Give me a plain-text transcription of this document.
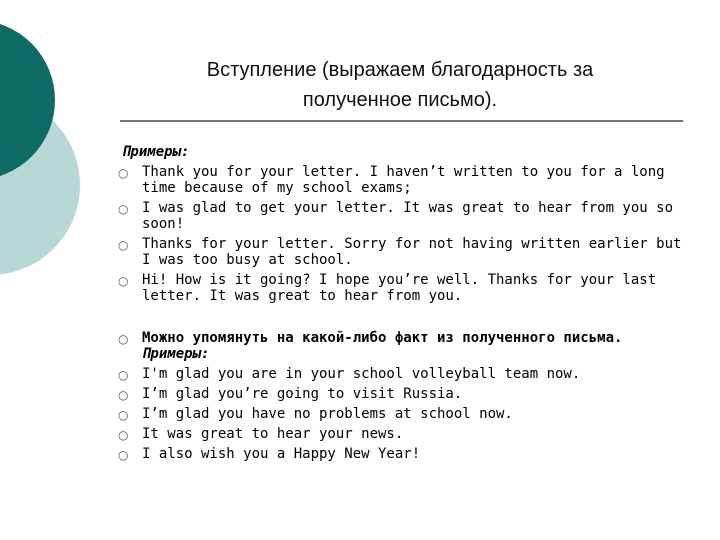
Вступление (выражаем благодарность за
полученное письмо).
Примеры:
○ Thank you for your letter. I haven’t written to you for a long time because of my school exams;
○ I was glad to get your letter. It was great to hear from you so soon!
○ Thanks for your letter. Sorry for not having written earlier but I was too busy at school.
○ Hi! How is it going? I hope you’re well. Thanks for your last letter. It was great to hear from you.
○ Можно упомянуть на какой-либо факт из полученного письма. Примеры:
○ I'm glad you are in your school volleyball team now.
○ I’m glad you’re going to visit Russia.
○ I’m glad you have no problems at school now.
○ It was great to hear your news.
○ I also wish you a Happy New Year!
